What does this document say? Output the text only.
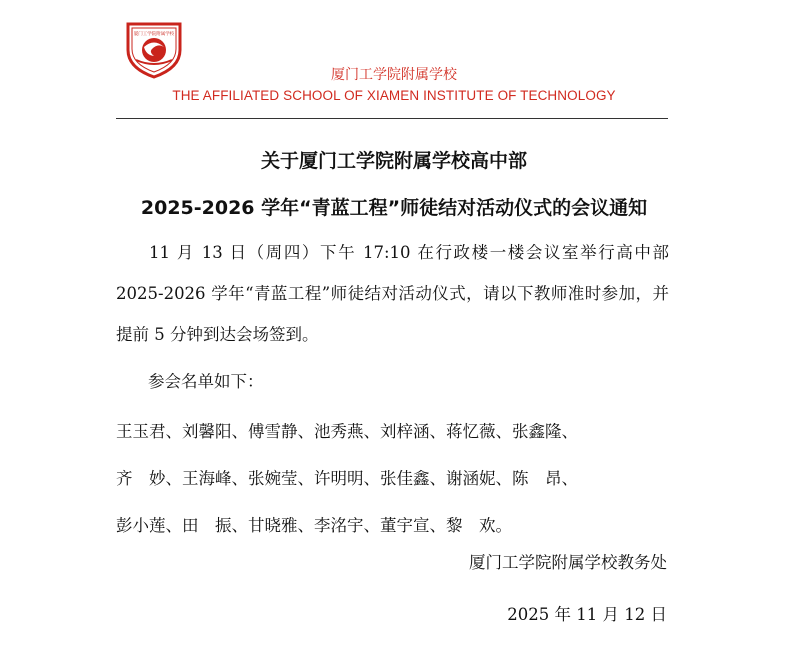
厦门工学院附属学校
厦门工学院附属学校
THE AFFILIATED SCHOOL OF XIAMEN INSTITUTE OF TECHNOLOGY
关于厦门工学院附属学校高中部
2025-2026 学年“青蓝工程”师徒结对活动仪式的会议通知
11 月 13 日（周四）下午 17:10 在行政楼一楼会议室举行高中部 2025-2026 学年“青蓝工程”师徒结对活动仪式，请以下教师准时参加，并提前 5 分钟到达会场签到。
参会名单如下：
王玉君、刘馨阳、傅雪静、池秀燕、刘梓涵、蒋忆薇、张鑫隆、
齐　妙、王海峰、张婉莹、许明明、张佳鑫、谢涵妮、陈　昂、
彭小莲、田　振、甘晓雅、李洺宇、董宇宣、黎　欢。
厦门工学院附属学校教务处
2025 年 11 月 12 日
